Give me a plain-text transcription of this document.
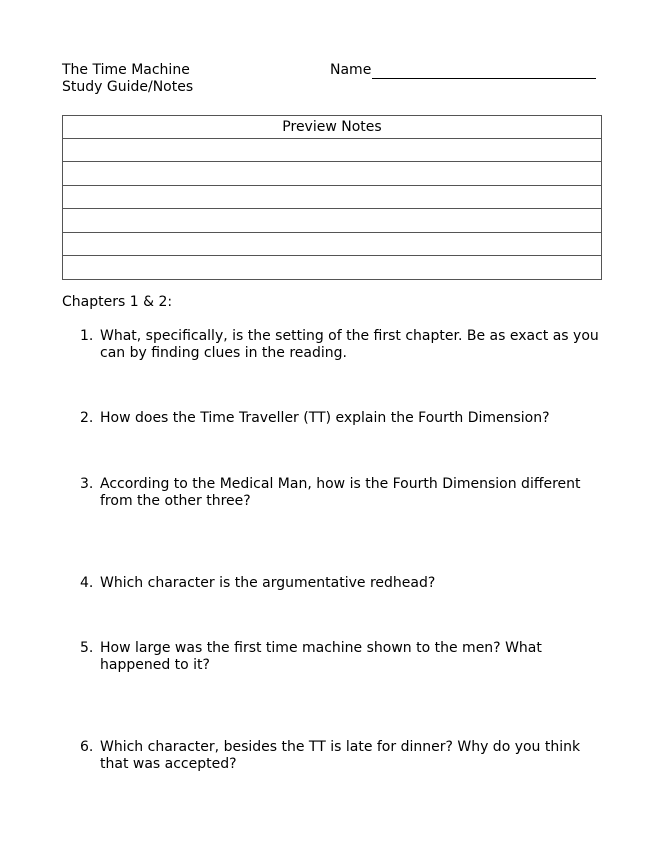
The Time Machine
Study Guide/Notes
Name
Preview Notes

Chapters 1 & 2:
1. What, specifically, is the setting of the first chapter. Be as exact as you can by finding clues in the reading.
2. How does the Time Traveller (TT) explain the Fourth Dimension?
3. According to the Medical Man, how is the Fourth Dimension different from the other three?
4. Which character is the argumentative redhead?
5. How large was the first time machine shown to the men? What happened to it?
6. Which character, besides the TT is late for dinner? Why do you think that was accepted?
